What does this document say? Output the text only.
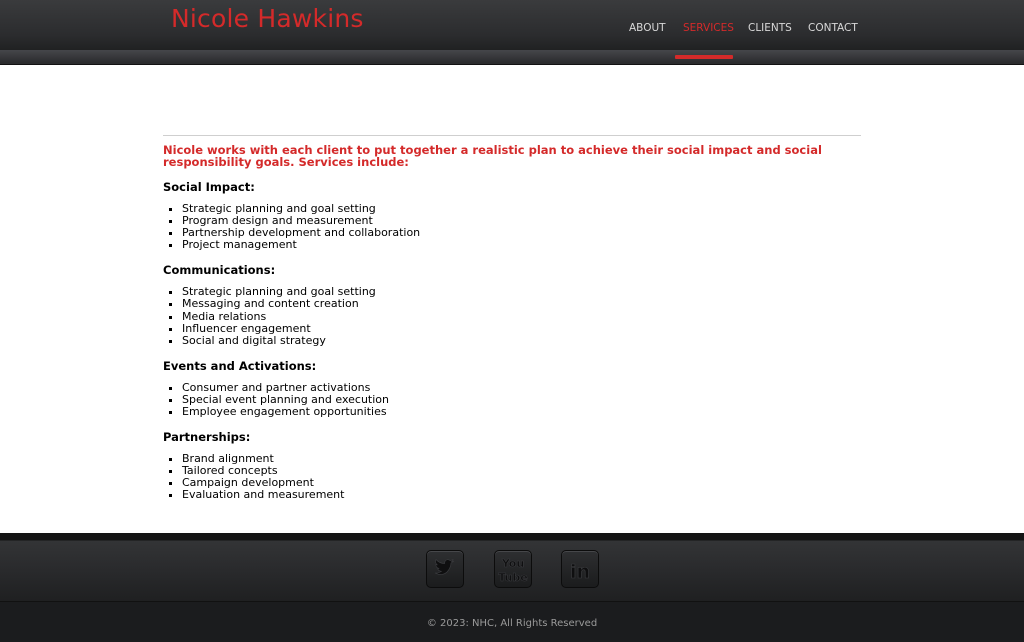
Nicole Hawkins	ABOUT SERVICES CLIENTS CONTACT

Nicole works with each client to put together a realistic plan to achieve their social impact and social responsibility goals. Services include:

Social Impact:

▪ Strategic planning and goal setting
▪ Program design and measurement
▪ Partnership development and collaboration
▪ Project management

Communications:

▪ Strategic planning and goal setting
▪ Messaging and content creation
▪ Media relations
▪ Influencer engagement
▪ Social and digital strategy

Events and Activations:

▪ Consumer and partner activations
▪ Special event planning and execution
▪ Employee engagement opportunities

Partnerships:

▪ Brand alignment
▪ Tailored concepts
▪ Campaign development
▪ Evaluation and measurement
You
Tube in
© 2023: NHC, All Rights Reserved
